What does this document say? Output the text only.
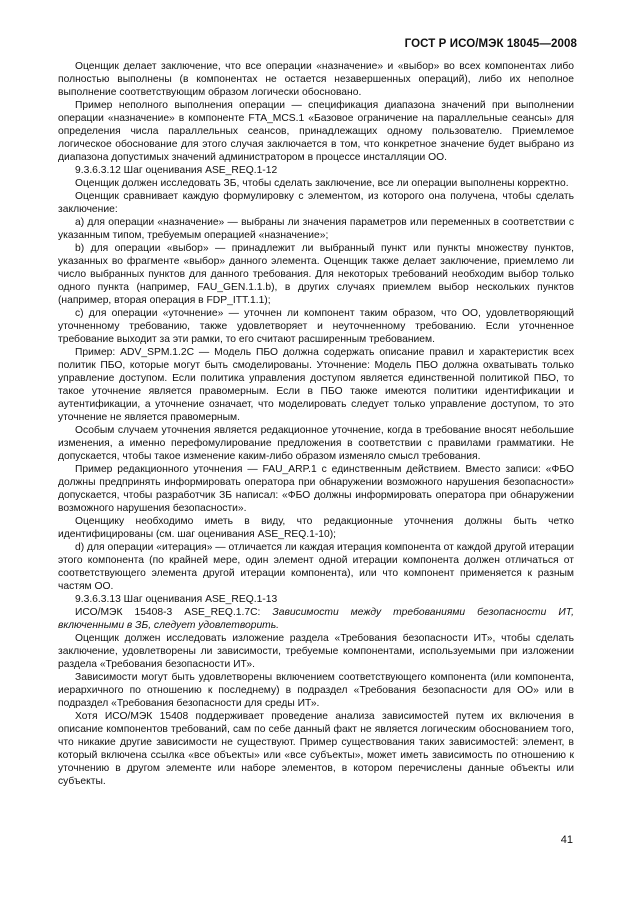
ГОСТ Р ИСО/МЭК 18045—2008

Оценщик делает заключение, что все операции «назначение» и «выбор» во всех компонентах либо полностью выполнены (в компонентах не остается незавершенных операций), либо их неполное выполнение соответствующим образом логически обосновано.

Пример неполного выполнения операции — спецификация диапазона значений при выполнении операции «назначение» в компоненте FTA_MCS.1 «Базовое ограничение на параллельные сеансы» для определения числа параллельных сеансов, принадлежащих одному пользователю. Приемлемое логическое обоснование для этого случая заключается в том, что конкретное значение будет выбрано из диапазона допустимых значений администратором в процессе инсталляции ОО.

9.3.6.3.12 Шаг оценивания ASE_REQ.1-12

Оценщик должен исследовать ЗБ, чтобы сделать заключение, все ли операции выполнены корректно.

Оценщик сравнивает каждую формулировку с элементом, из которого она получена, чтобы сделать заключение:

а) для операции «назначение» — выбраны ли значения параметров или переменных в соответствии с указанным типом, требуемым операцией «назначение»;

b) для операции «выбор» — принадлежит ли выбранный пункт или пункты множеству пунктов, указанных во фрагменте «выбор» данного элемента. Оценщик также делает заключение, приемлемо ли число выбранных пунктов для данного требования. Для некоторых требований необходим выбор только одного пункта (например, FAU_GEN.1.1.b), в других случаях приемлем выбор нескольких пунктов (например, вторая операция в FDP_ITT.1.1);

с) для операции «уточнение» — уточнен ли компонент таким образом, что ОО, удовлетворяющий уточненному требованию, также удовлетворяет и неуточненному требованию. Если уточненное требование выходит за эти рамки, то его считают расширенным требованием.

Пример: ADV_SPM.1.2C — Модель ПБО должна содержать описание правил и характеристик всех политик ПБО, которые могут быть смоделированы. Уточнение: Модель ПБО должна охватывать только управление доступом. Если политика управления доступом является единственной политикой ПБО, то такое уточнение является правомерным. Если в ПБО также имеются политики идентификации и аутентификации, а уточнение означает, что моделировать следует только управление доступом, то это уточнение не является правомерным.

Особым случаем уточнения является редакционное уточнение, когда в требование вносят небольшие изменения, а именно перефомулирование предложения в соответствии с правилами грамматики. Не допускается, чтобы такое изменение каким-либо образом изменяло смысл требования.

Пример редакционного уточнения — FAU_ARP.1 с единственным действием. Вместо записи: «ФБО должны предпринять информировать оператора при обнаружении возможного нарушения безопасности» допускается, чтобы разработчик ЗБ написал: «ФБО должны информировать оператора при обнаружении возможного нарушения безопасности».

Оценщику необходимо иметь в виду, что редакционные уточнения должны быть четко идентифицированы (см. шаг оценивания ASE_REQ.1-10);

d) для операции «итерация» — отличается ли каждая итерация компонента от каждой другой итерации этого компонента (по крайней мере, один элемент одной итерации компонента должен отличаться от соответствующего элемента другой итерации компонента), или что компонент применяется к разным частям ОО.

9.3.6.3.13 Шаг оценивания ASE_REQ.1-13

ИСО/МЭК 15408-3 ASE_REQ.1.7C: Зависимости между требованиями безопасности ИТ, включенными в ЗБ, следует удовлетворить.

Оценщик должен исследовать изложение раздела «Требования безопасности ИТ», чтобы сделать заключение, удовлетворены ли зависимости, требуемые компонентами, используемыми при изложении раздела «Требования безопасности ИТ».

Зависимости могут быть удовлетворены включением соответствующего компонента (или компонента, иерархичного по отношению к последнему) в подраздел «Требования безопасности для ОО» или в подраздел «Требования безопасности для среды ИТ».

Хотя ИСО/МЭК 15408 поддерживает проведение анализа зависимостей путем их включения в описание компонентов требований, сам по себе данный факт не является логическим обоснованием того, что никакие другие зависимости не существуют. Пример существования таких зависимостей: элемент, в который включена ссылка «все объекты» или «все субъекты», может иметь зависимость по отношению к уточнению в другом элементе или наборе элементов, в котором перечислены данные объекты или субъекты.

41
